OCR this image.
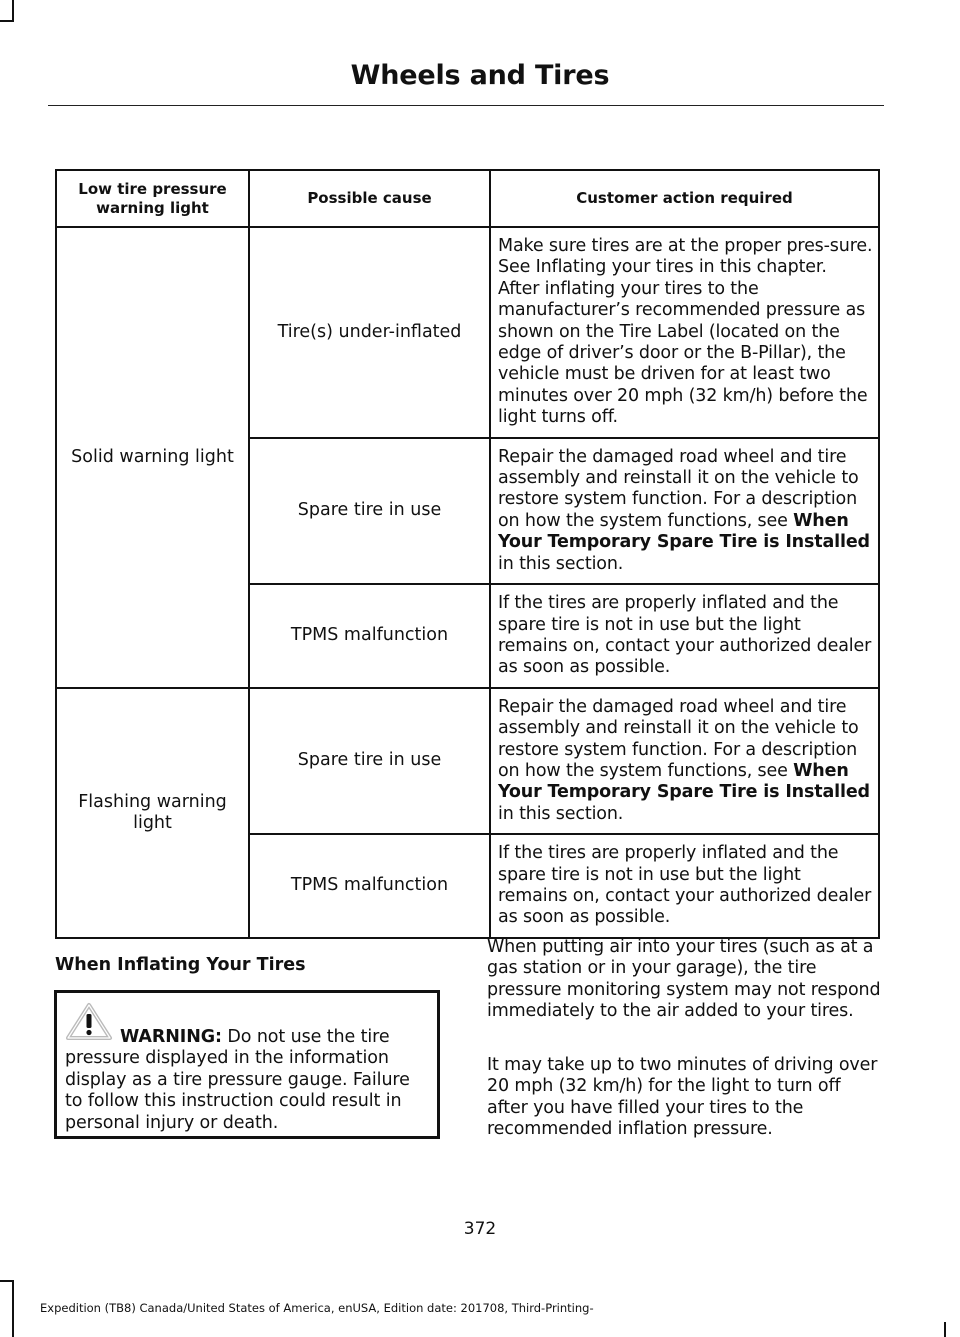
Wheels and Tires
Low tire pressure warning light	Possible cause	Customer action required
Solid warning light	Tire(s) under-inflated	Make sure tires are at the proper pres-sure. See Inflating your tires in this chapter. After inflating your tires to the manufacturer’s recommended pressure as shown on the Tire Label (located on the edge of driver’s door or the B-Pillar), the vehicle must be driven for at least two minutes over 20 mph (32 km/h) before the light turns off.
	Spare tire in use	Repair the damaged road wheel and tire assembly and reinstall it on the vehicle to restore system function. For a description on how the system functions, see When Your Temporary Spare Tire is Installed in this section.
	TPMS malfunction	If the tires are properly inflated and the spare tire is not in use but the light remains on, contact your authorized dealer as soon as possible.
Flashing warning light	Spare tire in use	Repair the damaged road wheel and tire assembly and reinstall it on the vehicle to restore system function. For a description on how the system functions, see When Your Temporary Spare Tire is Installed in this section.
	TPMS malfunction	If the tires are properly inflated and the spare tire is not in use but the light remains on, contact your authorized dealer as soon as possible.
When Inflating Your Tires
WARNING: Do not use the tire pressure displayed in the information display as a tire pressure gauge. Failure to follow this instruction could result in personal injury or death.

When putting air into your tires (such as at a gas station or in your garage), the tire pressure monitoring system may not respond immediately to the air added to your tires.

It may take up to two minutes of driving over 20 mph (32 km/h) for the light to turn off after you have filled your tires to the recommended inflation pressure.

372
Expedition (TB8) Canada/United States of America, enUSA, Edition date: 201708, Third-Printing-
